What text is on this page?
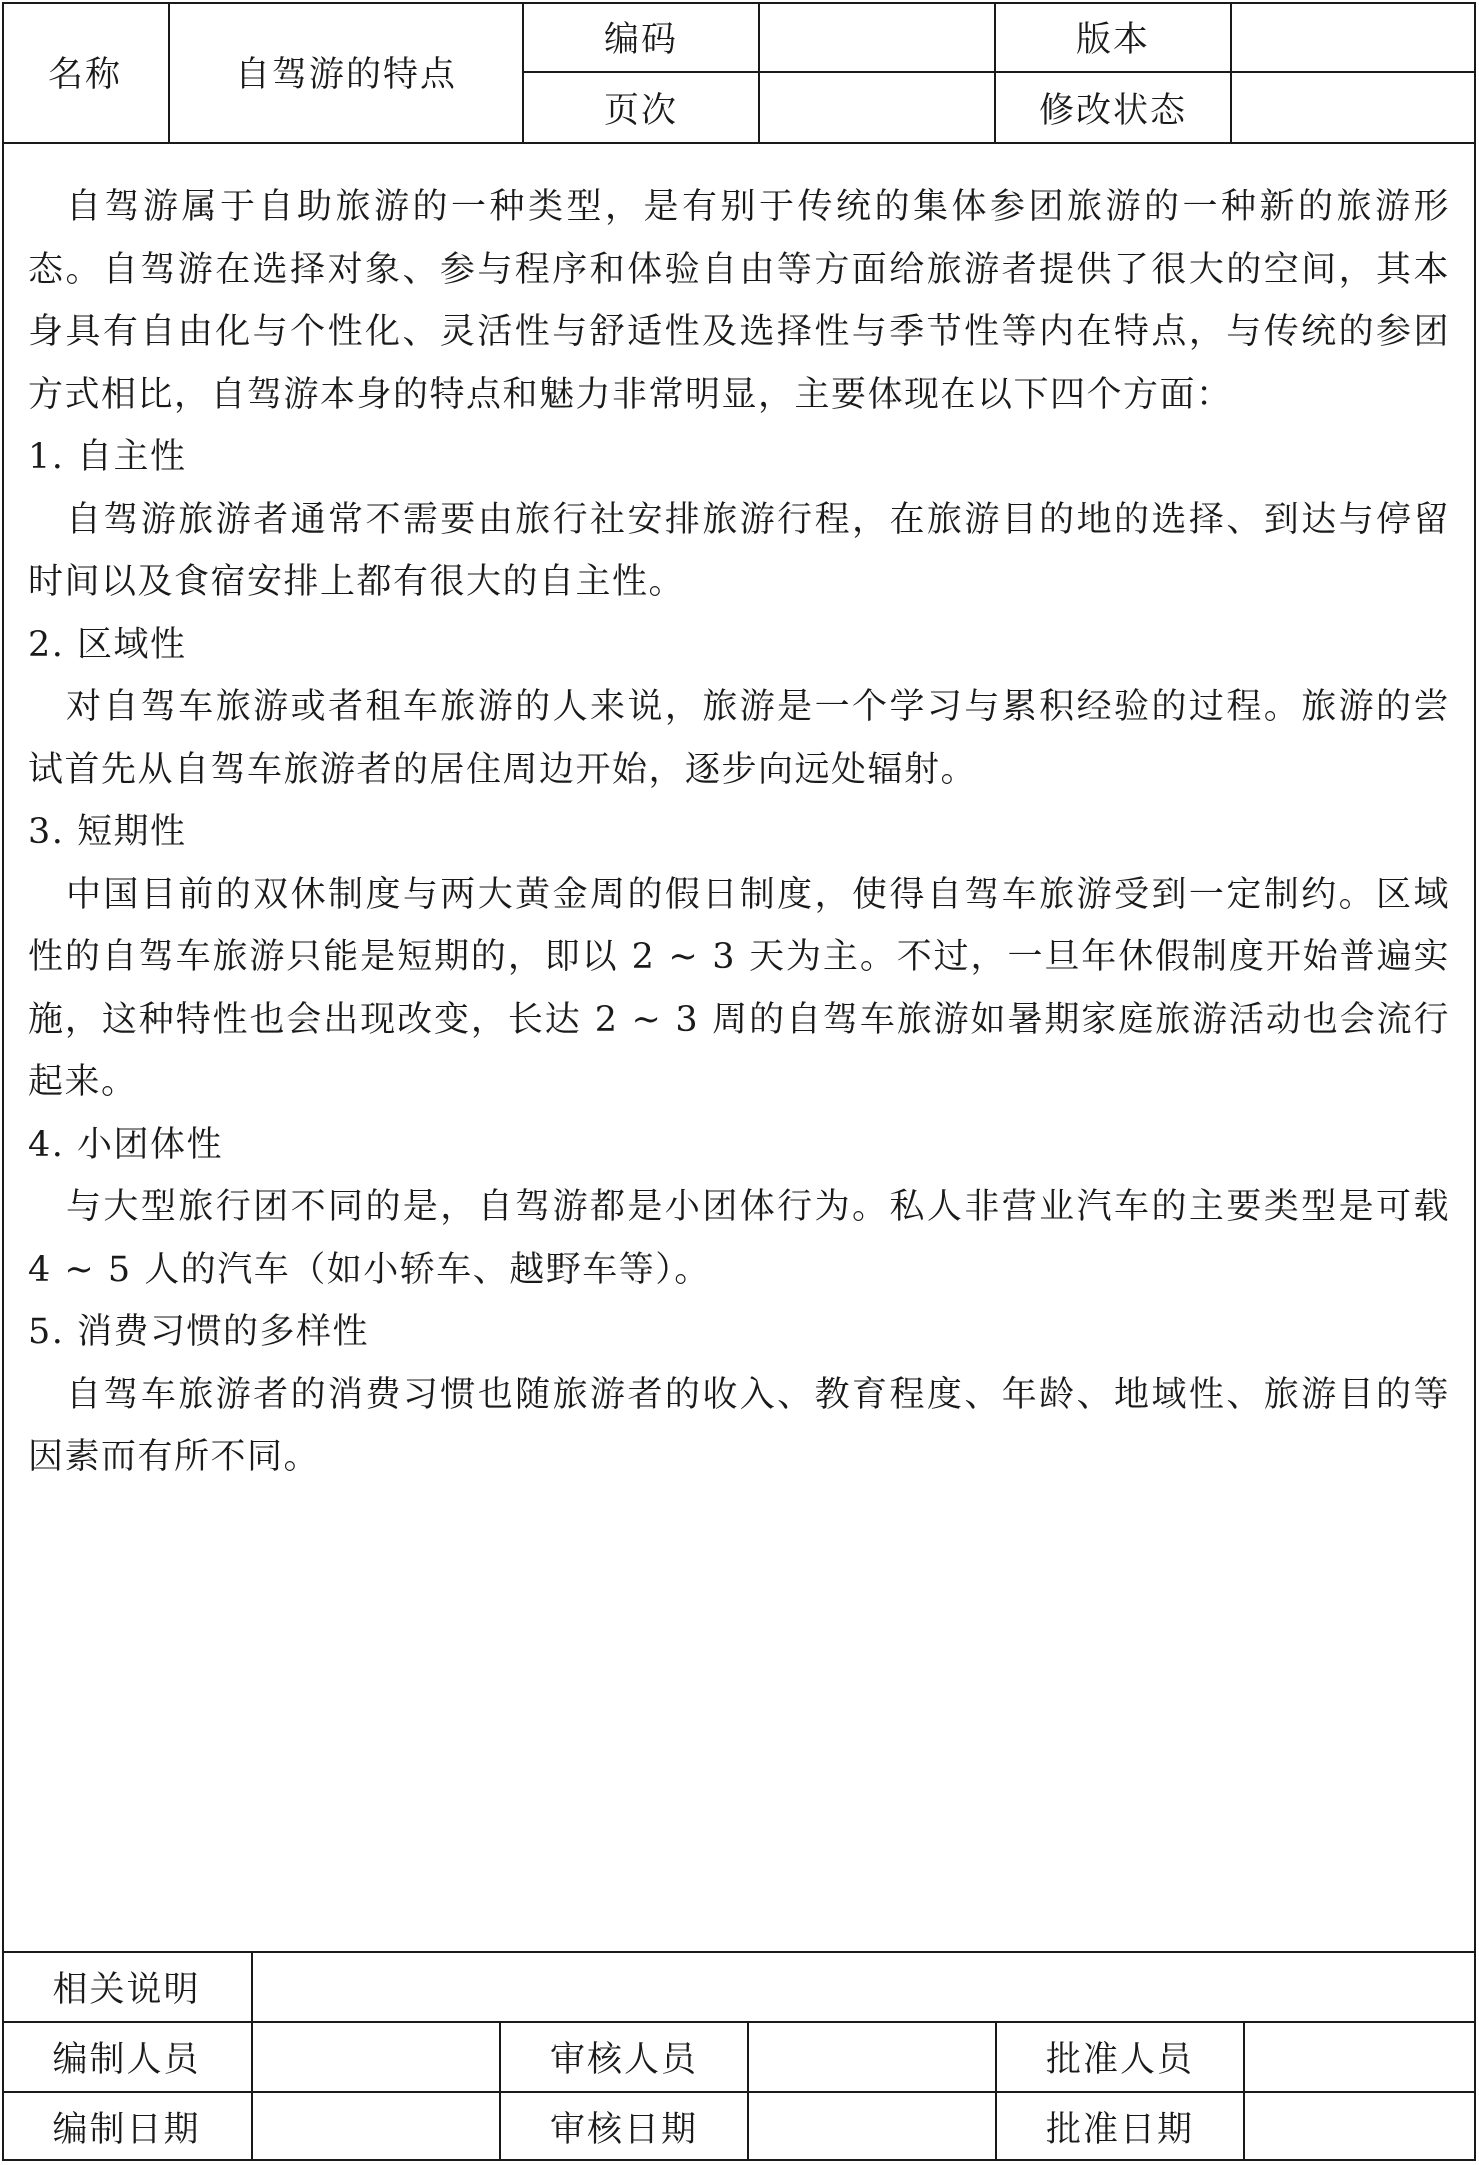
名称	自驾游的特点	编码		版本	
		页次		修改状态	

自驾游属于自助旅游的一种类型，是有别于传统的集体参团旅游的一种新的旅游形态。自驾游在选择对象、参与程序和体验自由等方面给旅游者提供了很大的空间，其本身具有自由化与个性化、灵活性与舒适性及选择性与季节性等内在特点，与传统的参团方式相比，自驾游本身的特点和魅力非常明显，主要体现在以下四个方面：

1. 自主性

自驾游旅游者通常不需要由旅行社安排旅游行程，在旅游目的地的选择、到达与停留时间以及食宿安排上都有很大的自主性。

2. 区域性

对自驾车旅游或者租车旅游的人来说，旅游是一个学习与累积经验的过程。旅游的尝试首先从自驾车旅游者的居住周边开始，逐步向远处辐射。

3. 短期性

中国目前的双休制度与两大黄金周的假日制度，使得自驾车旅游受到一定制约。区域性的自驾车旅游只能是短期的，即以 2 ~ 3 天为主。不过，一旦年休假制度开始普遍实施，这种特性也会出现改变，长达 2 ~ 3 周的自驾车旅游如暑期家庭旅游活动也会流行起来。

4. 小团体性

与大型旅行团不同的是，自驾游都是小团体行为。私人非营业汽车的主要类型是可载 4 ~ 5 人的汽车（如小轿车、越野车等）。

5. 消费习惯的多样性

自驾车旅游者的消费习惯也随旅游者的收入、教育程度、年龄、地域性、旅游目的等因素而有所不同。

相关说明					
编制人员		审核人员		批准人员	
编制日期		审核日期		批准日期	
